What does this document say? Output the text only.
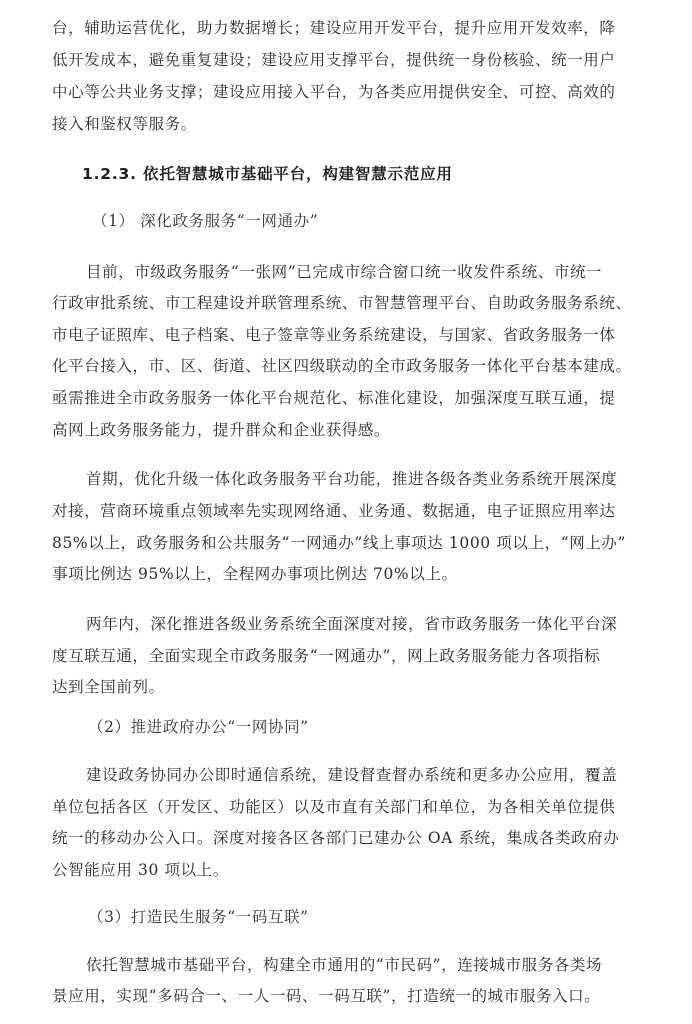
台，辅助运营优化，助力数据增长；建设应用开发平台，提升应用开发效率，降
低开发成本，避免重复建设；建设应用支撑平台，提供统一身份核验、统一用户
中心等公共业务支撑；建设应用接入平台，为各类应用提供安全、可控、高效的
接入和鉴权等服务。
1.2.3. 依托智慧城市基础平台，构建智慧示范应用
（1） 深化政务服务“一网通办”
目前，市级政务服务“一张网”已完成市综合窗口统一收发件系统、市统一
行政审批系统、市工程建设并联管理系统、市智慧管理平台、自助政务服务系统、
市电子证照库、电子档案、电子签章等业务系统建设，与国家、省政务服务一体
化平台接入，市、区、街道、社区四级联动的全市政务服务一体化平台基本建成。
亟需推进全市政务服务一体化平台规范化、标准化建设，加强深度互联互通，提
高网上政务服务能力，提升群众和企业获得感。
首期，优化升级一体化政务服务平台功能，推进各级各类业务系统开展深度
对接，营商环境重点领域率先实现网络通、业务通、数据通，电子证照应用率达
85%以上，政务服务和公共服务“一网通办”线上事项达 1000 项以上，“网上办”
事项比例达 95%以上，全程网办事项比例达 70%以上。
两年内，深化推进各级业务系统全面深度对接，省市政务服务一体化平台深
度互联互通，全面实现全市政务服务“一网通办”，网上政务服务能力各项指标
达到全国前列。
（2）推进政府办公“一网协同”
建设政务协同办公即时通信系统，建设督查督办系统和更多办公应用，覆盖
单位包括各区（开发区、功能区）以及市直有关部门和单位，为各相关单位提供
统一的移动办公入口。深度对接各区各部门已建办公 OA 系统，集成各类政府办
公智能应用 30 项以上。
（3）打造民生服务“一码互联”
依托智慧城市基础平台，构建全市通用的“市民码”，连接城市服务各类场
景应用，实现“多码合一、一人一码、一码互联”，打造统一的城市服务入口。
